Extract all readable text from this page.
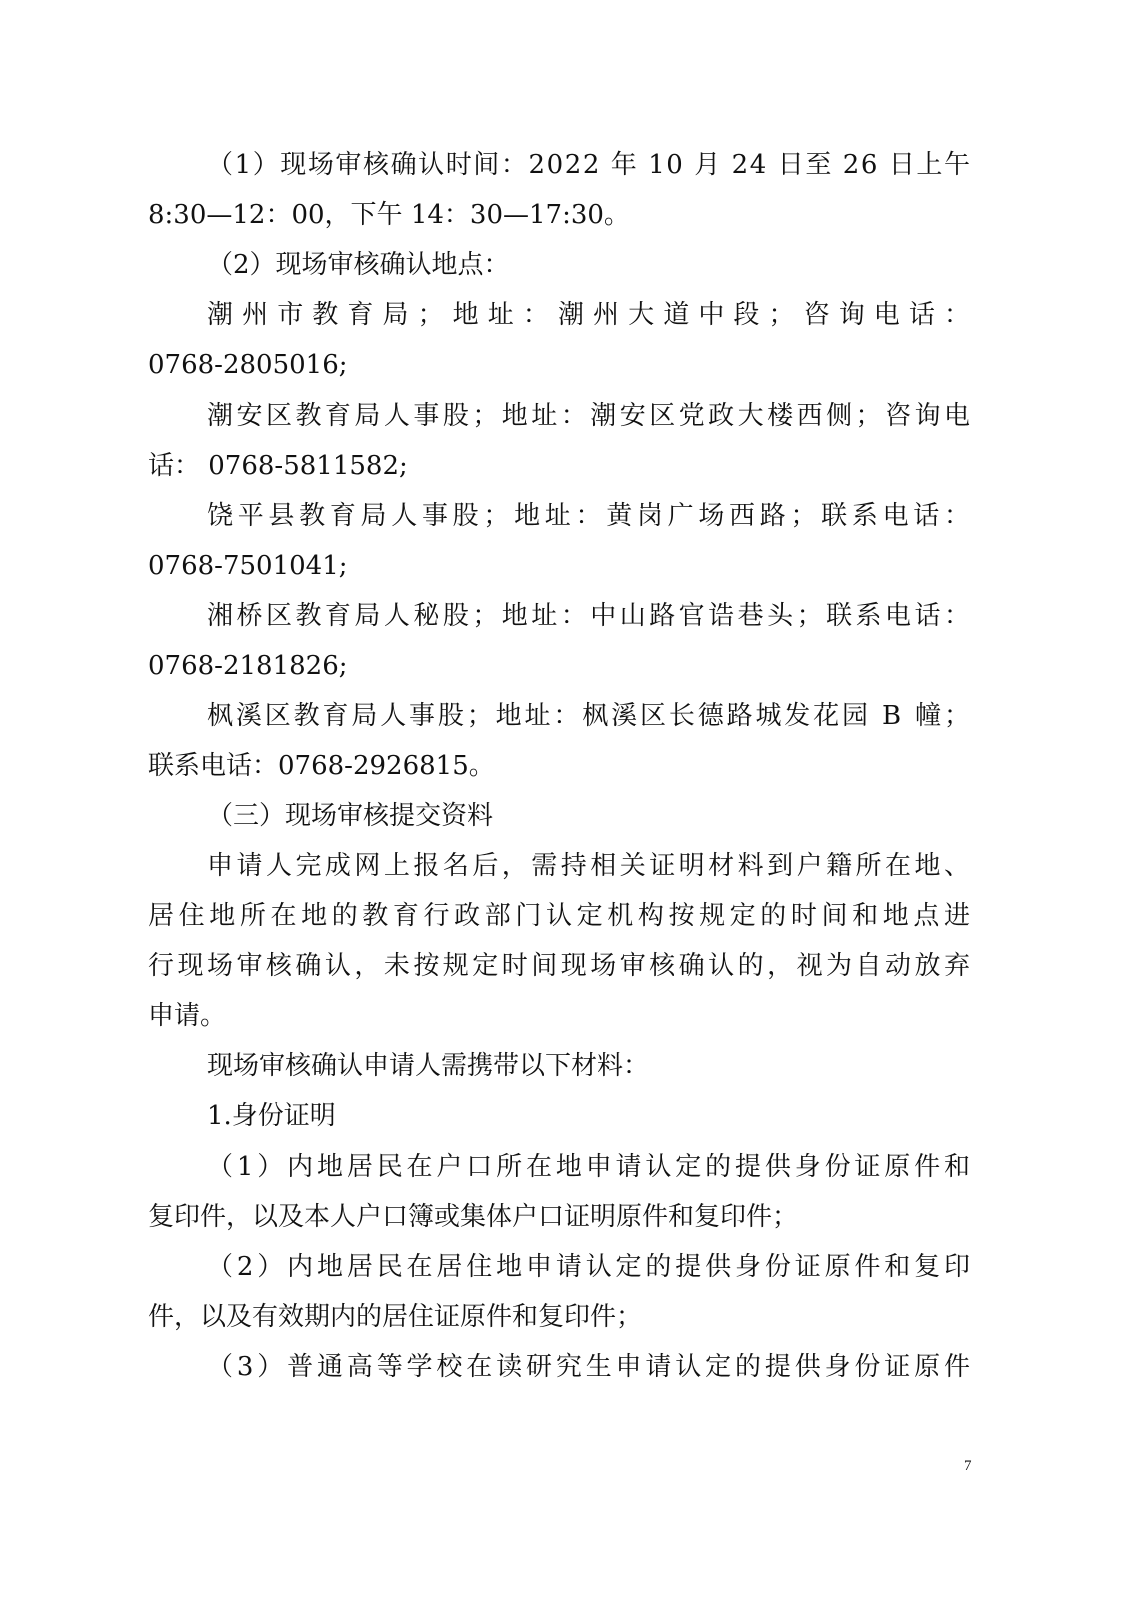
（1）现场审核确认时间：2022 年 10 月 24 日至 26 日上午
8:30—12：00，下午 14：30—17:30。
（2）现场审核确认地点：
潮州市教育局；地址：潮州大道中段；咨询电话：
0768-2805016;
潮安区教育局人事股；地址：潮安区党政大楼西侧；咨询电
话： 0768-5811582;
饶平县教育局人事股；地址：黄岗广场西路；联系电话：
0768-7501041;
湘桥区教育局人秘股；地址：中山路官诰巷头；联系电话：
0768-2181826;
枫溪区教育局人事股；地址：枫溪区长德路城发花园 B 幢；
联系电话：0768-2926815。
（三）现场审核提交资料
申请人完成网上报名后，需持相关证明材料到户籍所在地、
居住地所在地的教育行政部门认定机构按规定的时间和地点进
行现场审核确认，未按规定时间现场审核确认的，视为自动放弃
申请。
现场审核确认申请人需携带以下材料：
1.身份证明
（1）内地居民在户口所在地申请认定的提供身份证原件和
复印件，以及本人户口簿或集体户口证明原件和复印件；
（2）内地居民在居住地申请认定的提供身份证原件和复印
件，以及有效期内的居住证原件和复印件；
（3）普通高等学校在读研究生申请认定的提供身份证原件
7
